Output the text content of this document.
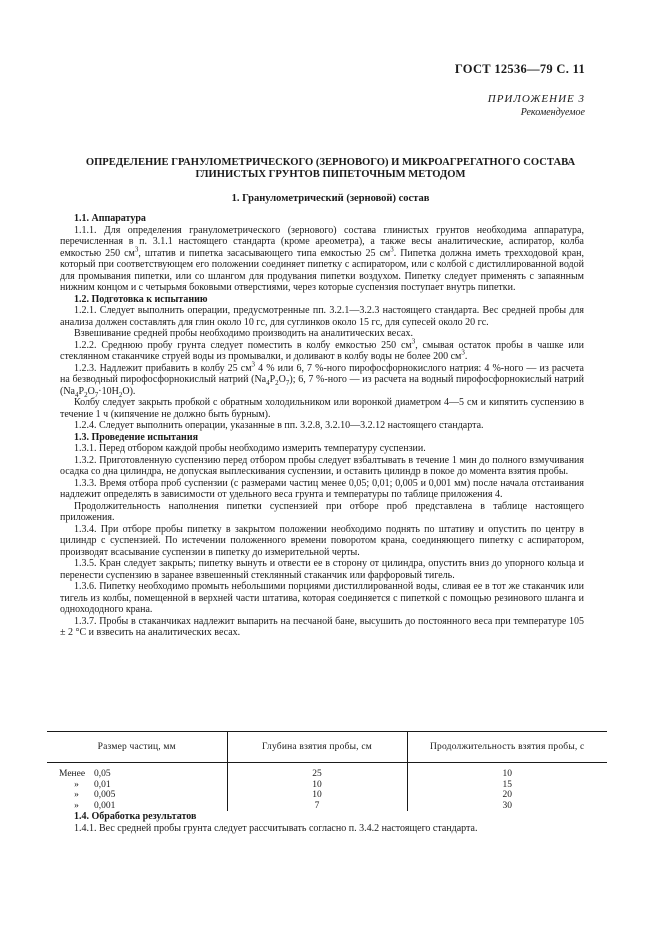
ГОСТ 12536—79 С. 11
ПРИЛОЖЕНИЕ 3
Рекомендуемое
ОПРЕДЕЛЕНИЕ ГРАНУЛОМЕТРИЧЕСКОГО (ЗЕРНОВОГО) И МИКРОАГРЕГАТНОГО СОСТАВА
ГЛИНИСТЫХ ГРУНТОВ ПИПЕТОЧНЫМ МЕТОДОМ
1. Гранулометрический (зерновой) состав

1.1. Аппаратура

1.1.1. Для определения гранулометрического (зернового) состава глинистых грунтов необходима аппаратура, перечисленная в п. 3.1.1 настоящего стандарта (кроме ареометра), а также весы аналитические, аспиратор, колба емкостью 250 $см^3$, штатив и пипетка засасывающего типа емкостью 25 $см^3$. Пипетка должна иметь трехходовой кран, который при соответствующем его положении соединяет пипетку с аспиратором, или с колбой с дистиллированной водой для промывания пипетки, или со шлангом для продувания пипетки воздухом. Пипетку следует применять с запаянным нижним концом и с четырьмя боковыми отверстиями, через которые суспензия поступает внутрь пипетки.

1.2. Подготовка к испытанию

1.2.1. Следует выполнить операции, предусмотренные пп. 3.2.1—3.2.3 настоящего стандарта. Вес средней пробы для анализа должен составлять для глин около 10 гс, для суглинков около 15 гс, для супесей около 20 гс.

Взвешивание средней пробы необходимо производить на аналитических весах.

1.2.2. Среднюю пробу грунта следует поместить в колбу емкостью 250 $см^3$, смывая остаток пробы в чашке или стеклянном стаканчике струей воды из промывалки, и доливают в колбу воды не более 200 $см^3$.

1.2.3. Надлежит прибавить в колбу 25 $см^3$ 4 % или 6, 7 %-ного пирофосфорнокислого натрия: 4 %-ного — из расчета на безводный пирофосфорнокислый натрий $(Na_4P_2O_7)$; 6, 7 %-ного — из расчета на водный пирофосфорнокислый натрий $(Na_4P_2O_7\cdot 10H_2O)$.

Колбу следует закрыть пробкой с обратным холодильником или воронкой диаметром 4—5 см и кипятить суспензию в течение 1 ч (кипячение не должно быть бурным).

1.2.4. Следует выполнить операции, указанные в пп. 3.2.8, 3.2.10—3.2.12 настоящего стандарта.

1.3. Проведение испытания

1.3.1. Перед отбором каждой пробы необходимо измерить температуру суспензии.

1.3.2. Приготовленную суспензию перед отбором пробы следует взбалтывать в течение 1 мин до полного взмучивания осадка со дна цилиндра, не допуская выплескивания суспензии, и оставить цилиндр в покое до момента взятия пробы.

1.3.3. Время отбора проб суспензии (с размерами частиц менее 0,05; 0,01; 0,005 и 0,001 мм) после начала отстаивания надлежит определять в зависимости от удельного веса грунта и температуры по таблице приложения 4.

Продолжительность наполнения пипетки суспензией при отборе проб представлена в таблице настоящего приложения.

1.3.4. При отборе пробы пипетку в закрытом положении необходимо поднять по штативу и опустить по центру в цилиндр с суспензией. По истечении положенного времени поворотом крана, соединяющего пипетку с аспиратором, производят всасывание суспензии в пипетку до измерительной черты.

1.3.5. Кран следует закрыть; пипетку вынуть и отвести ее в сторону от цилиндра, опустить вниз до упорного кольца и перенести суспензию в заранее взвешенный стеклянный стаканчик или фарфоровый тигель.

1.3.6. Пипетку необходимо промыть небольшими порциями дистиллированной воды, сливая ее в тот же стаканчик или тигель из колбы, помещенной в верхней части штатива, которая соединяется с пипеткой с помощью резинового шланга и однохододного крана.

1.3.7. Пробы в стаканчиках надлежит выпарить на песчаной бане, высушить до постоянного веса при температуре 105 ± 2 °С и взвесить на аналитических весах.

Размер частиц, мм	Глубина взятия пробы, см	Продолжительность взятия пробы, с
Менее 0,05	25	10
» 0,01	10	15
» 0,005	10	20
» 0,001	7	30

1.4. Обработка результатов

1.4.1. Вес средней пробы грунта следует рассчитывать согласно п. 3.4.2 настоящего стандарта.
